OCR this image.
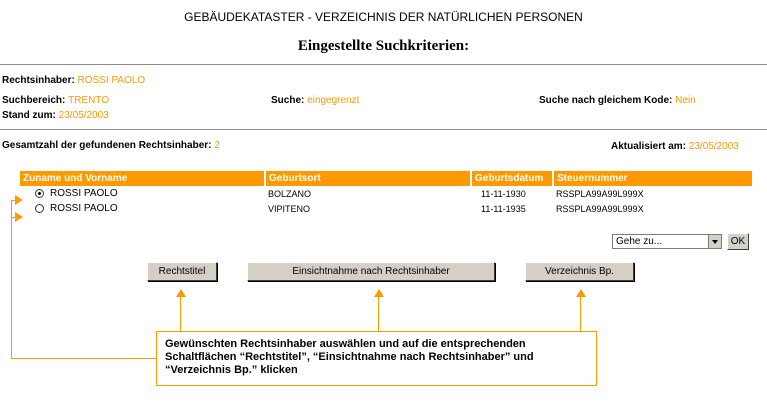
GEBÄUDEKATASTER - VERZEICHNIS DER NATÜRLICHEN PERSONEN
Eingestellte Suchkriterien:
Rechtsinhaber: ROSSI PAOLO
Suchbereich: TRENTO	Suche: eingegrenzt	Suche nach gleichem Kode: Nein
Stand zum: 23/05/2003
Gesamtzahl der gefundenen Rechtsinhaber: 2	Aktualisiert am: 23/05/2003
Zuname und Vorname	Geburtsort	Geburtsdatum	Steuernummer
ROSSI PAOLO	BOLZANO	11-11-1930	RSSPLA99A99L999X
ROSSI PAOLO	VIPITENO	11-11-1935	RSSPLA99A99L999X
Gehe zu...	OK
Rechtstitel	Einsichtnahme nach Rechtsinhaber	Verzeichnis Bp.
Gewünschten Rechtsinhaber auswählen und auf die entsprechenden Schaltflächen “Rechtstitel”, “Einsichtnahme nach Rechtsinhaber” und “Verzeichnis Bp.” klicken
